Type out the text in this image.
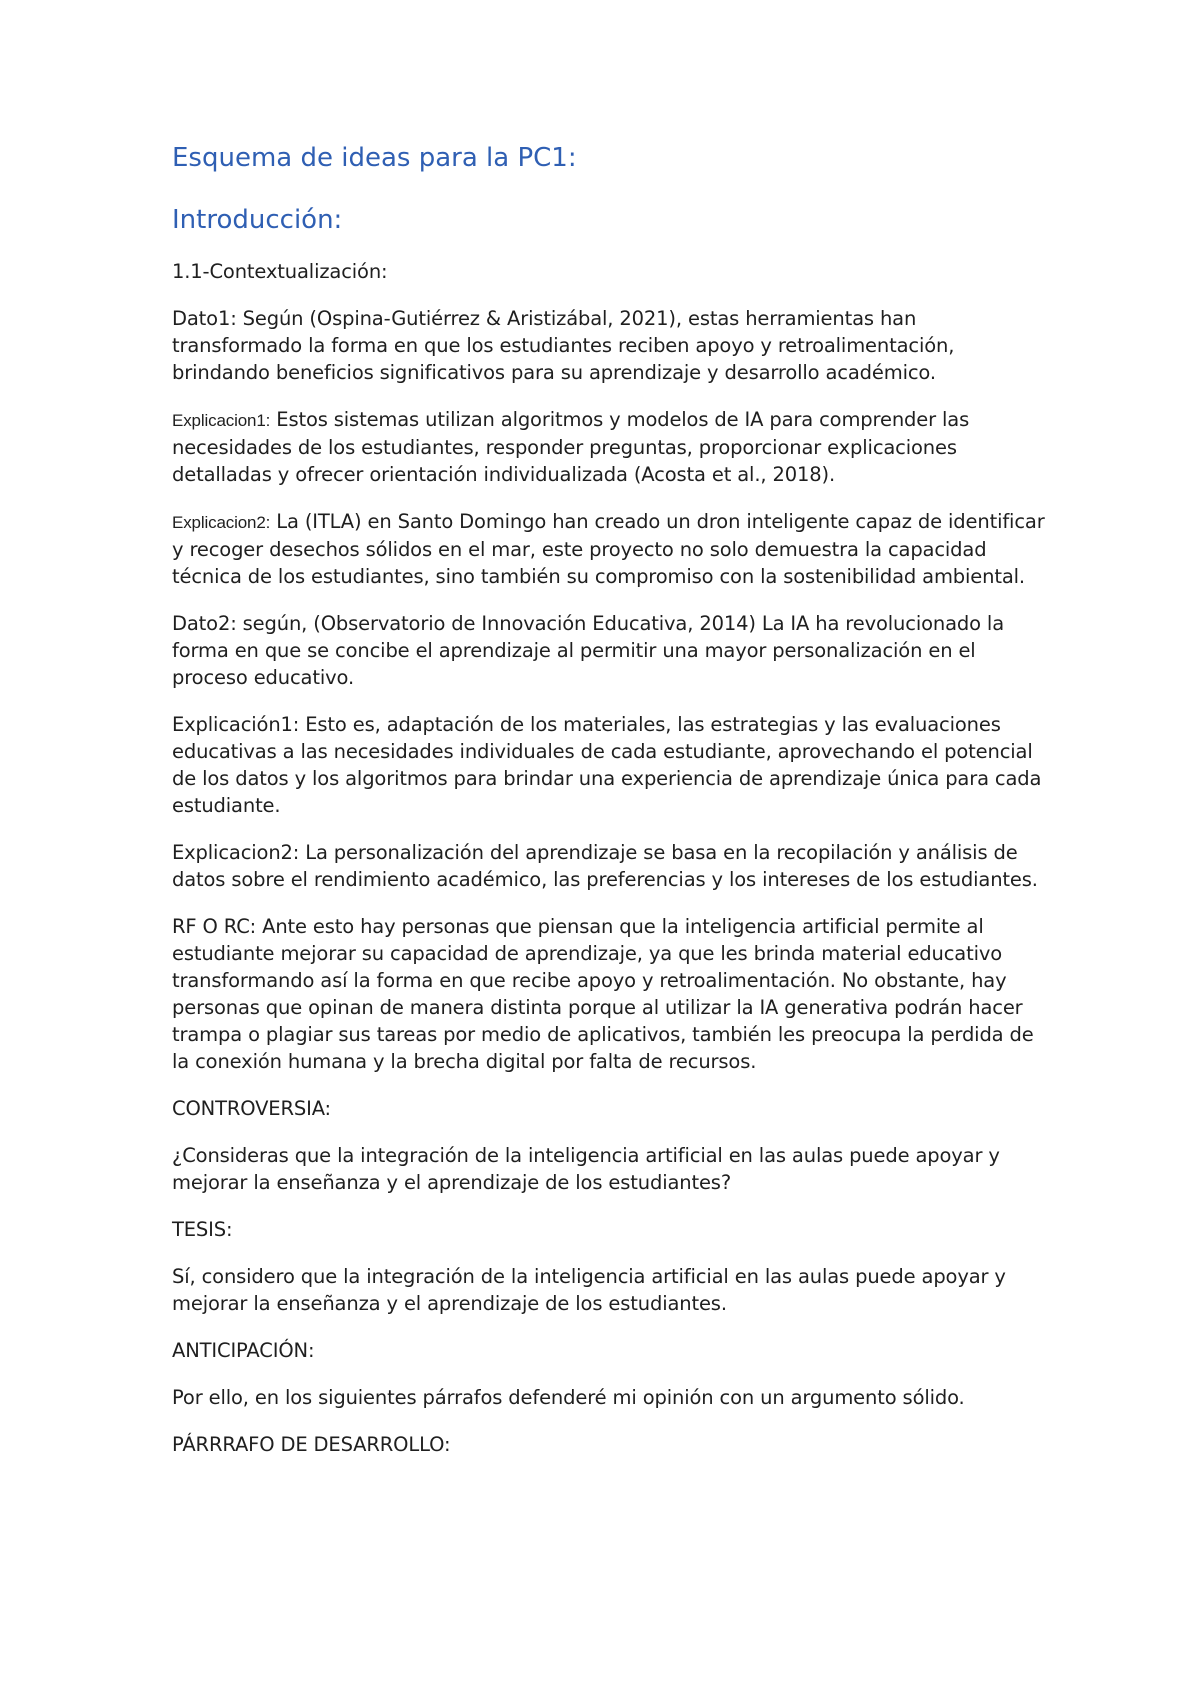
Esquema de ideas para la PC1:
Introducción:

1.1-Contextualización:

Dato1: Según (Ospina-Gutiérrez & Aristizábal, 2021), estas herramientas han transformado la forma en que los estudiantes reciben apoyo y retroalimentación, brindando beneficios significativos para su aprendizaje y desarrollo académico.

Explicacion1: Estos sistemas utilizan algoritmos y modelos de IA para comprender las necesidades de los estudiantes, responder preguntas, proporcionar explicaciones detalladas y ofrecer orientación individualizada (Acosta et al., 2018).

Explicacion2: La (ITLA) en Santo Domingo han creado un dron inteligente capaz de identificar y recoger desechos sólidos en el mar, este proyecto no solo demuestra la capacidad técnica de los estudiantes, sino también su compromiso con la sostenibilidad ambiental.

Dato2: según, (Observatorio de Innovación Educativa, 2014) La IA ha revolucionado la forma en que se concibe el aprendizaje al permitir una mayor personalización en el proceso educativo.

Explicación1: Esto es, adaptación de los materiales, las estrategias y las evaluaciones educativas a las necesidades individuales de cada estudiante, aprovechando el potencial de los datos y los algoritmos para brindar una experiencia de aprendizaje única para cada estudiante.

Explicacion2: La personalización del aprendizaje se basa en la recopilación y análisis de datos sobre el rendimiento académico, las preferencias y los intereses de los estudiantes.

RF O RC: Ante esto hay personas que piensan que la inteligencia artificial permite al estudiante mejorar su capacidad de aprendizaje, ya que les brinda material educativo transformando así la forma en que recibe apoyo y retroalimentación. No obstante, hay personas que opinan de manera distinta porque al utilizar la IA generativa podrán hacer trampa o plagiar sus tareas por medio de aplicativos, también les preocupa la perdida de la conexión humana y la brecha digital por falta de recursos.

CONTROVERSIA:

¿Consideras que la integración de la inteligencia artificial en las aulas puede apoyar y mejorar la enseñanza y el aprendizaje de los estudiantes?

TESIS:

Sí, considero que la integración de la inteligencia artificial en las aulas puede apoyar y mejorar la enseñanza y el aprendizaje de los estudiantes.

ANTICIPACIÓN:

Por ello, en los siguientes párrafos defenderé mi opinión con un argumento sólido.

PÁRRRAFO DE DESARROLLO:
